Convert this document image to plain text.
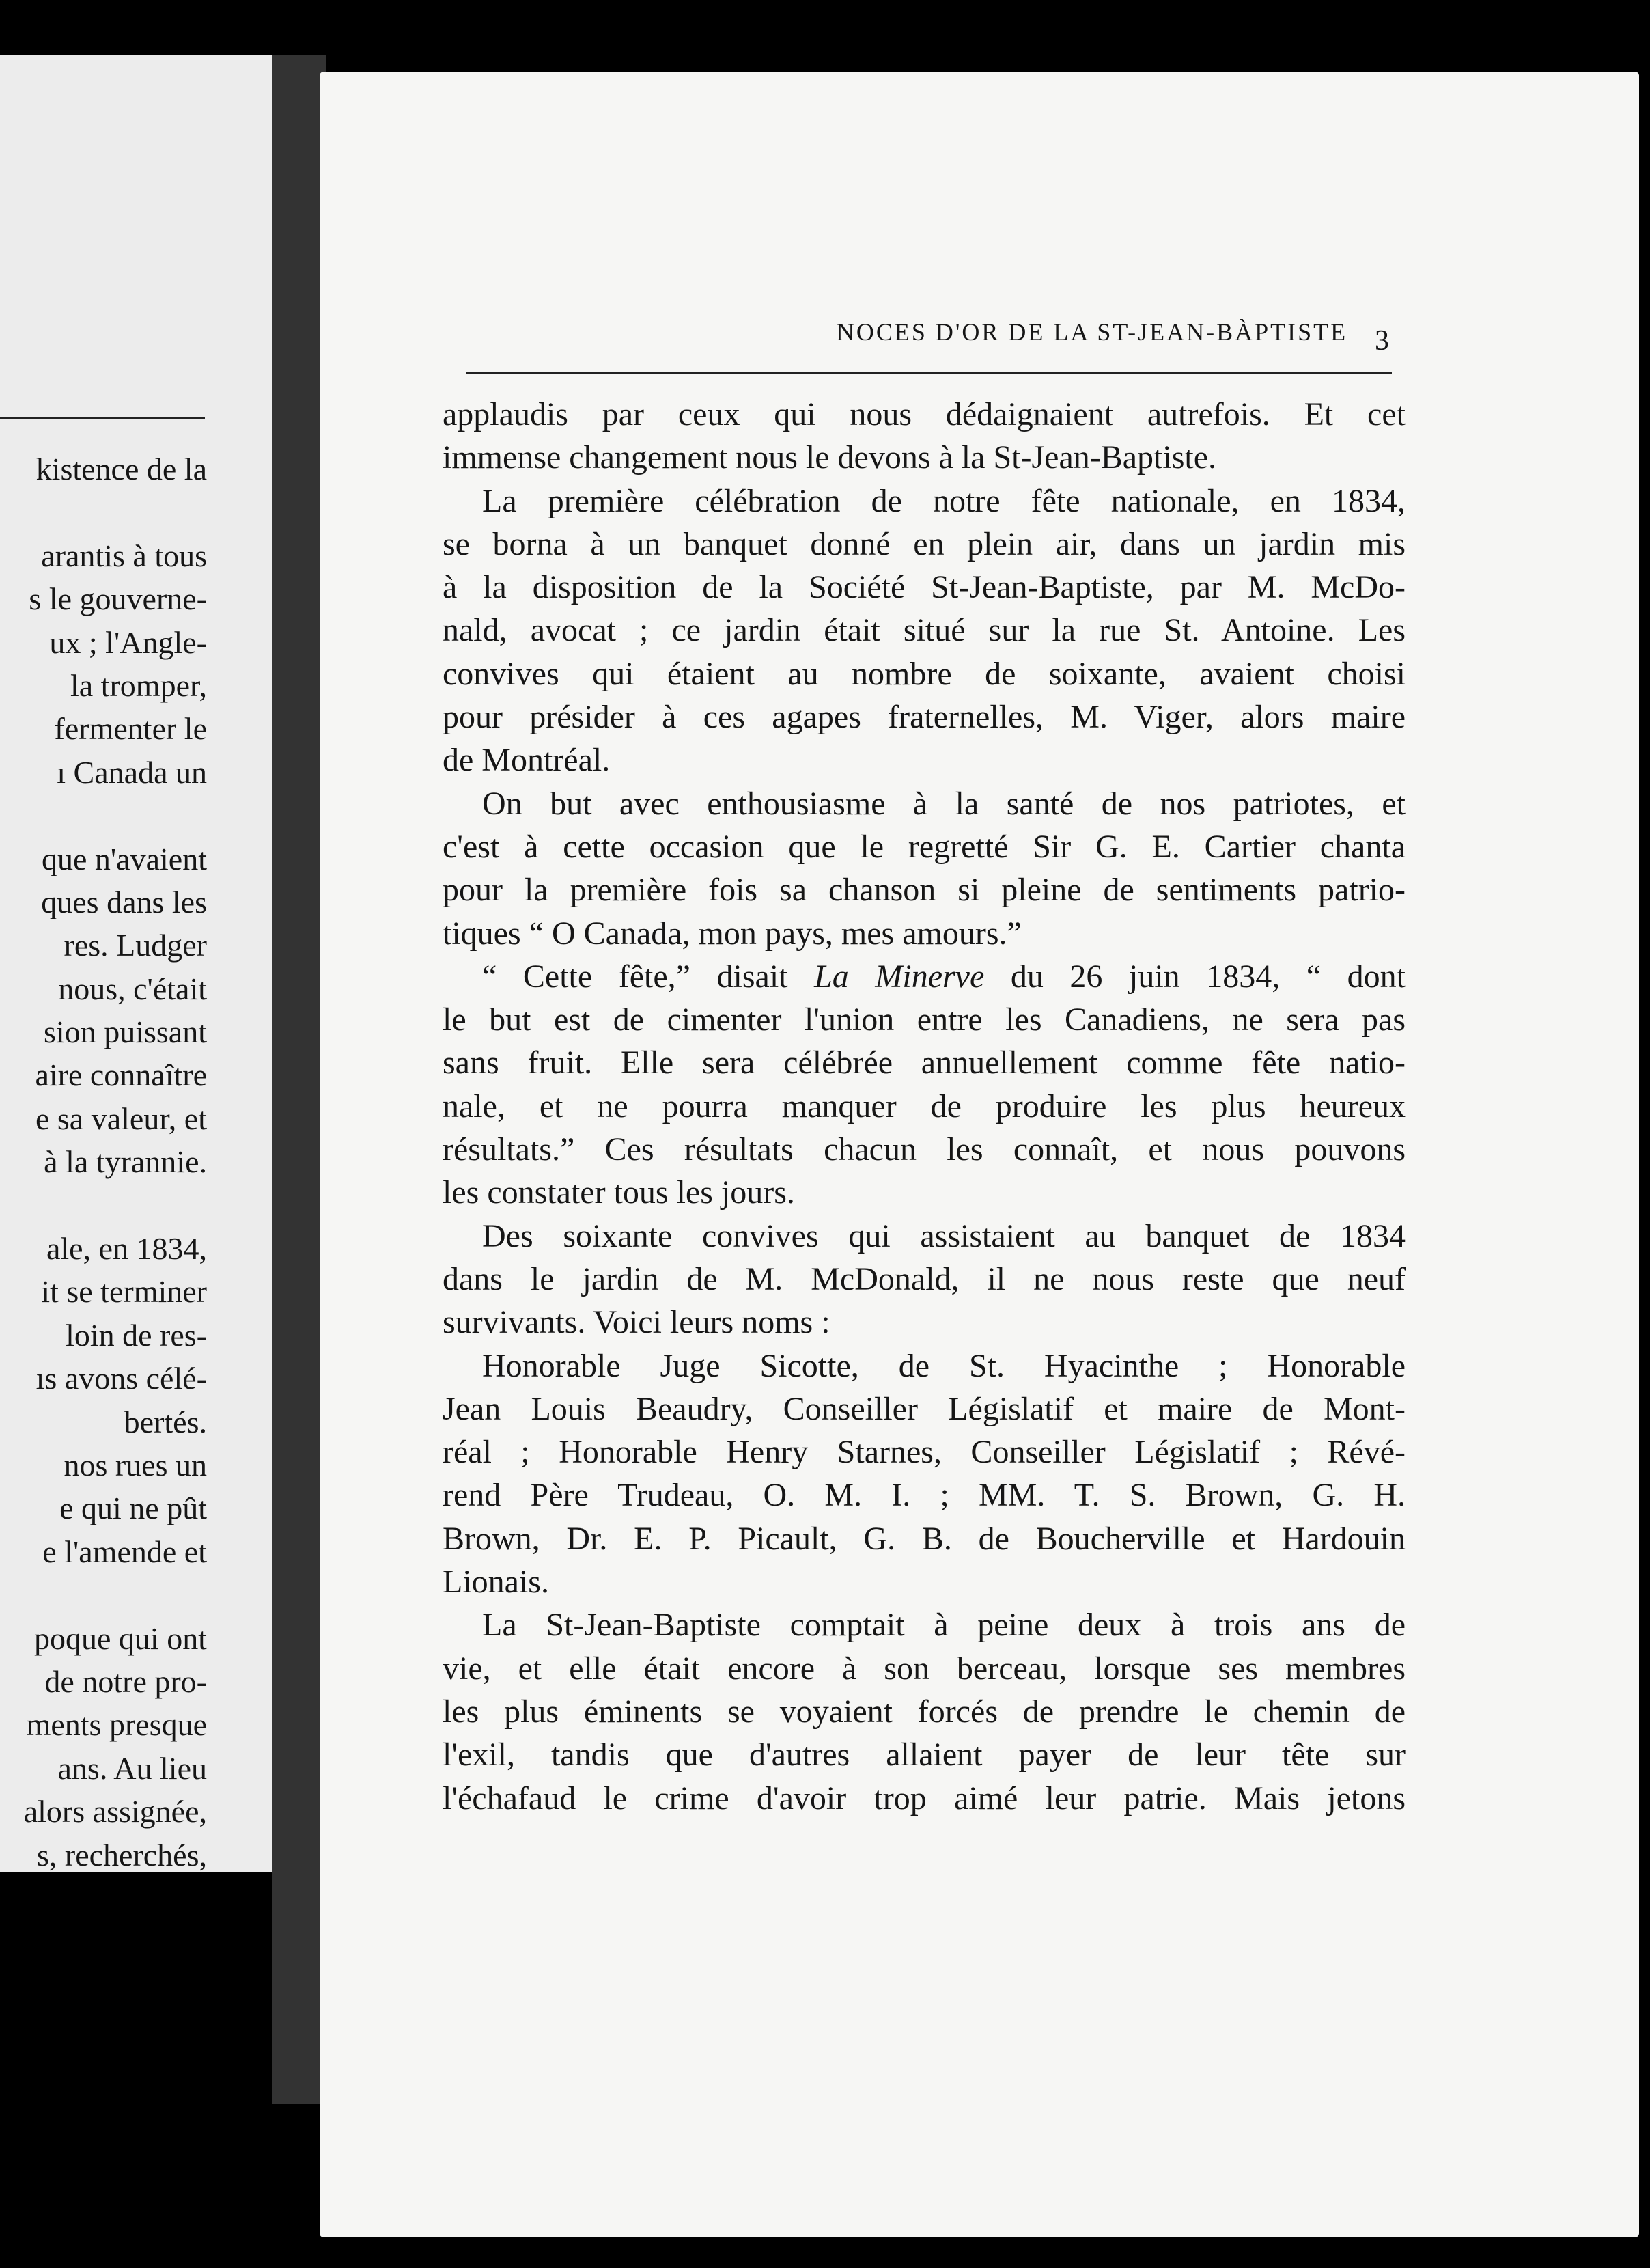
kistence de la
arantis à tous
s le gouverne-
ux ; l'Angle-
la tromper,
fermenter le
ı Canada un
que n'avaient
ques dans les
res. Ludger
nous, c'était
sion puissant
aire connaître
e sa valeur, et
à la tyrannie.
ale, en 1834,
it se terminer
loin de res-
ıs avons célé-
bertés.
nos rues un
e qui ne pût
e l'amende et
poque qui ont
de notre pro-
ments presque
ans. Au lieu
alors assignée,
s, recherchés,
NOCES D'OR DE LA ST-JEAN-BÀPTISTE 3
applaudis par ceux qui nous dédaignaient autrefois. Et cet
immense changement nous le devons à la St-Jean-Baptiste.
La première célébration de notre fête nationale, en 1834,
se borna à un banquet donné en plein air, dans un jardin mis
à la disposition de la Société St-Jean-Baptiste, par M. McDo-
nald, avocat ; ce jardin était situé sur la rue St. Antoine. Les
convives qui étaient au nombre de soixante, avaient choisi
pour présider à ces agapes fraternelles, M. Viger, alors maire
de Montréal.
On but avec enthousiasme à la santé de nos patriotes, et
c'est à cette occasion que le regretté Sir G. E. Cartier chanta
pour la première fois sa chanson si pleine de sentiments patrio-
tiques “ O Canada, mon pays, mes amours.”
“ Cette fête,” disait La Minerve du 26 juin 1834, “ dont
le but est de cimenter l'union entre les Canadiens, ne sera pas
sans fruit. Elle sera célébrée annuellement comme fête natio-
nale, et ne pourra manquer de produire les plus heureux
résultats.” Ces résultats chacun les connaît, et nous pouvons
les constater tous les jours.
Des soixante convives qui assistaient au banquet de 1834
dans le jardin de M. McDonald, il ne nous reste que neuf
survivants. Voici leurs noms :
Honorable Juge Sicotte, de St. Hyacinthe ; Honorable
Jean Louis Beaudry, Conseiller Législatif et maire de Mont-
réal ; Honorable Henry Starnes, Conseiller Législatif ; Révé-
rend Père Trudeau, O. M. I. ; MM. T. S. Brown, G. H.
Brown, Dr. E. P. Picault, G. B. de Boucherville et Hardouin
Lionais.
La St-Jean-Baptiste comptait à peine deux à trois ans de
vie, et elle était encore à son berceau, lorsque ses membres
les plus éminents se voyaient forcés de prendre le chemin de
l'exil, tandis que d'autres allaient payer de leur tête sur
l'échafaud le crime d'avoir trop aimé leur patrie. Mais jetons
